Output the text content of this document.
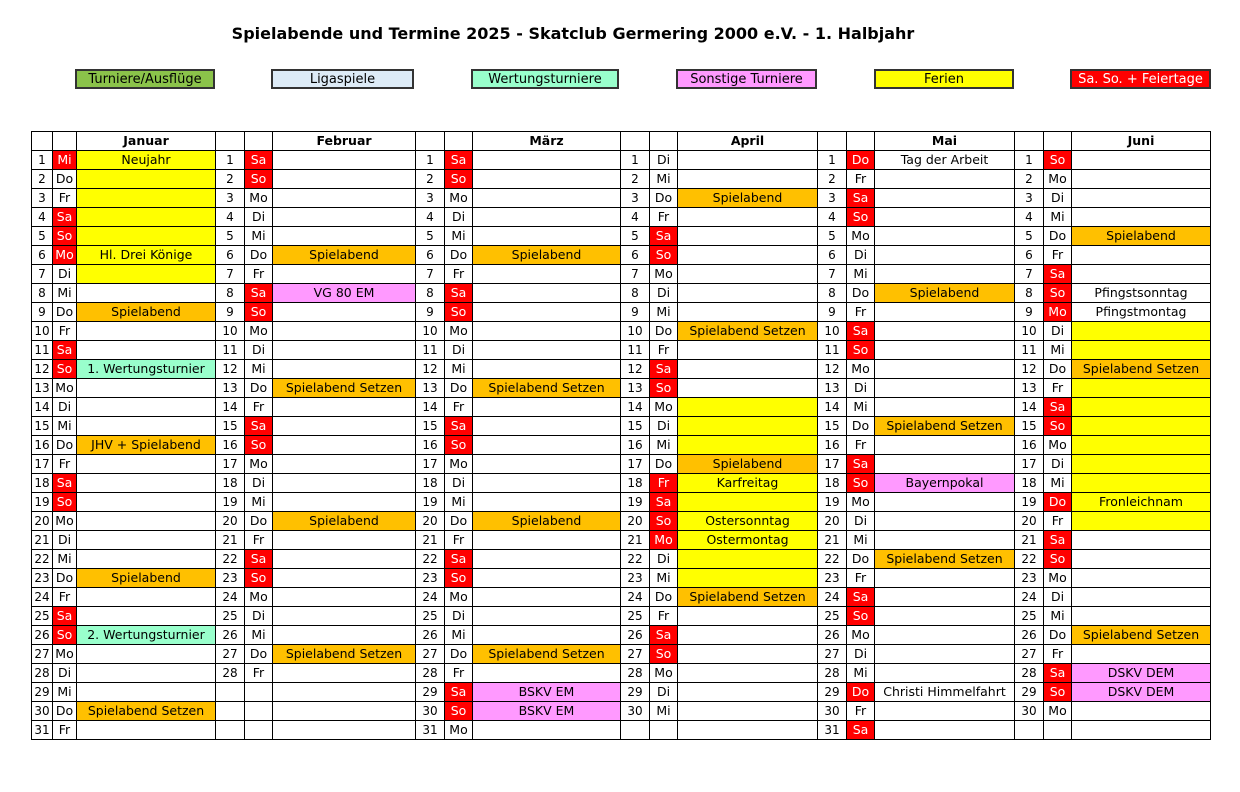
Spielabende und Termine 2025 - Skatclub Germering 2000 e.V. - 1. Halbjahr
Turniere/Ausflüge	Ligaspiele	Wertungsturniere	Sonstige Turniere	Ferien	Sa. So. + Feiertage
		Januar			Februar			März			April			Mai			Juni
1	Mi	Neujahr	1	Sa		1	Sa		1	Di		1	Do	Tag der Arbeit	1	So	
2	Do		2	So		2	So		2	Mi		2	Fr		2	Mo	
3	Fr		3	Mo		3	Mo		3	Do	Spielabend	3	Sa		3	Di	
4	Sa		4	Di		4	Di		4	Fr		4	So		4	Mi	
5	So		5	Mi		5	Mi		5	Sa		5	Mo		5	Do	Spielabend
6	Mo	Hl. Drei Könige	6	Do	Spielabend	6	Do	Spielabend	6	So		6	Di		6	Fr	
7	Di		7	Fr		7	Fr		7	Mo		7	Mi		7	Sa	
8	Mi		8	Sa	VG 80 EM	8	Sa		8	Di		8	Do	Spielabend	8	So	Pfingstsonntag
9	Do	Spielabend	9	So		9	So		9	Mi		9	Fr		9	Mo	Pfingstmontag
10	Fr		10	Mo		10	Mo		10	Do	Spielabend Setzen	10	Sa		10	Di	
11	Sa		11	Di		11	Di		11	Fr		11	So		11	Mi	
12	So	1. Wertungsturnier	12	Mi		12	Mi		12	Sa		12	Mo		12	Do	Spielabend Setzen
13	Mo		13	Do	Spielabend Setzen	13	Do	Spielabend Setzen	13	So		13	Di		13	Fr	
14	Di		14	Fr		14	Fr		14	Mo		14	Mi		14	Sa	
15	Mi		15	Sa		15	Sa		15	Di		15	Do	Spielabend Setzen	15	So	
16	Do	JHV + Spielabend	16	So		16	So		16	Mi		16	Fr		16	Mo	
17	Fr		17	Mo		17	Mo		17	Do	Spielabend	17	Sa		17	Di	
18	Sa		18	Di		18	Di		18	Fr	Karfreitag	18	So	Bayernpokal	18	Mi	
19	So		19	Mi		19	Mi		19	Sa		19	Mo		19	Do	Fronleichnam
20	Mo		20	Do	Spielabend	20	Do	Spielabend	20	So	Ostersonntag	20	Di		20	Fr	
21	Di		21	Fr		21	Fr		21	Mo	Ostermontag	21	Mi		21	Sa	
22	Mi		22	Sa		22	Sa		22	Di		22	Do	Spielabend Setzen	22	So	
23	Do	Spielabend	23	So		23	So		23	Mi		23	Fr		23	Mo	
24	Fr		24	Mo		24	Mo		24	Do	Spielabend Setzen	24	Sa		24	Di	
25	Sa		25	Di		25	Di		25	Fr		25	So		25	Mi	
26	So	2. Wertungsturnier	26	Mi		26	Mi		26	Sa		26	Mo		26	Do	Spielabend Setzen
27	Mo		27	Do	Spielabend Setzen	27	Do	Spielabend Setzen	27	So		27	Di		27	Fr	
28	Di		28	Fr		28	Fr		28	Mo		28	Mi		28	Sa	DSKV DEM
29	Mi					29	Sa	BSKV EM	29	Di		29	Do	Christi Himmelfahrt	29	So	DSKV DEM
30	Do	Spielabend Setzen				30	So	BSKV EM	30	Mi		30	Fr		30	Mo	
31	Fr					31	Mo					31	Sa				
